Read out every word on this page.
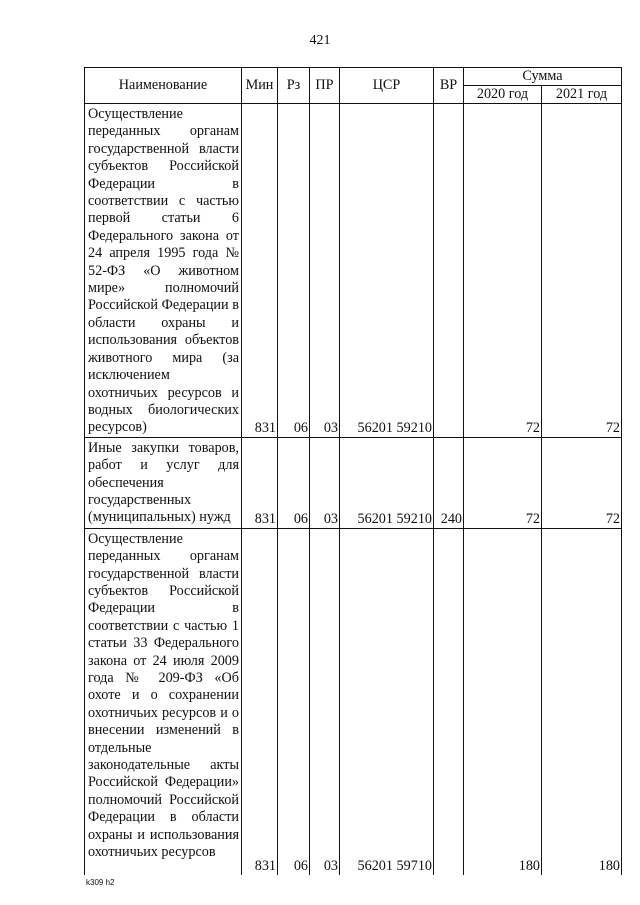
421
Наименование	Мин	Рз	ПР	ЦСР	ВР	Сумма	
						2020 год	2021 год
Осуществление переданных органам государственной власти субъектов Российской Федерации в соответствии с частью первой статьи 6 Федерального закона от 24 апреля 1995 года № 52-ФЗ «О животном мире» полномочий Российской Федерации в области охраны и использования объектов животного мира (за исключением охотничьих ресурсов и водных биологических ресурсов)	831	06	03	56201 59210		72	72
Иные закупки товаров, работ и услуг для обеспечения государственных (муниципальных) нужд	831	06	03	56201 59210	240	72	72
Осуществление переданных органам государственной власти субъектов Российской Федерации в соответствии с частью 1 статьи 33 Федерального закона от 24 июля 2009 года № 209-ФЗ «Об охоте и о сохранении охотничьих ресурсов и о внесении изменений в отдельные законодательные акты Российской Федерации» полномочий Российской Федерации в области охраны и использования охотничьих ресурсов	831	06	03	56201 59710		180	180
k309 h2
